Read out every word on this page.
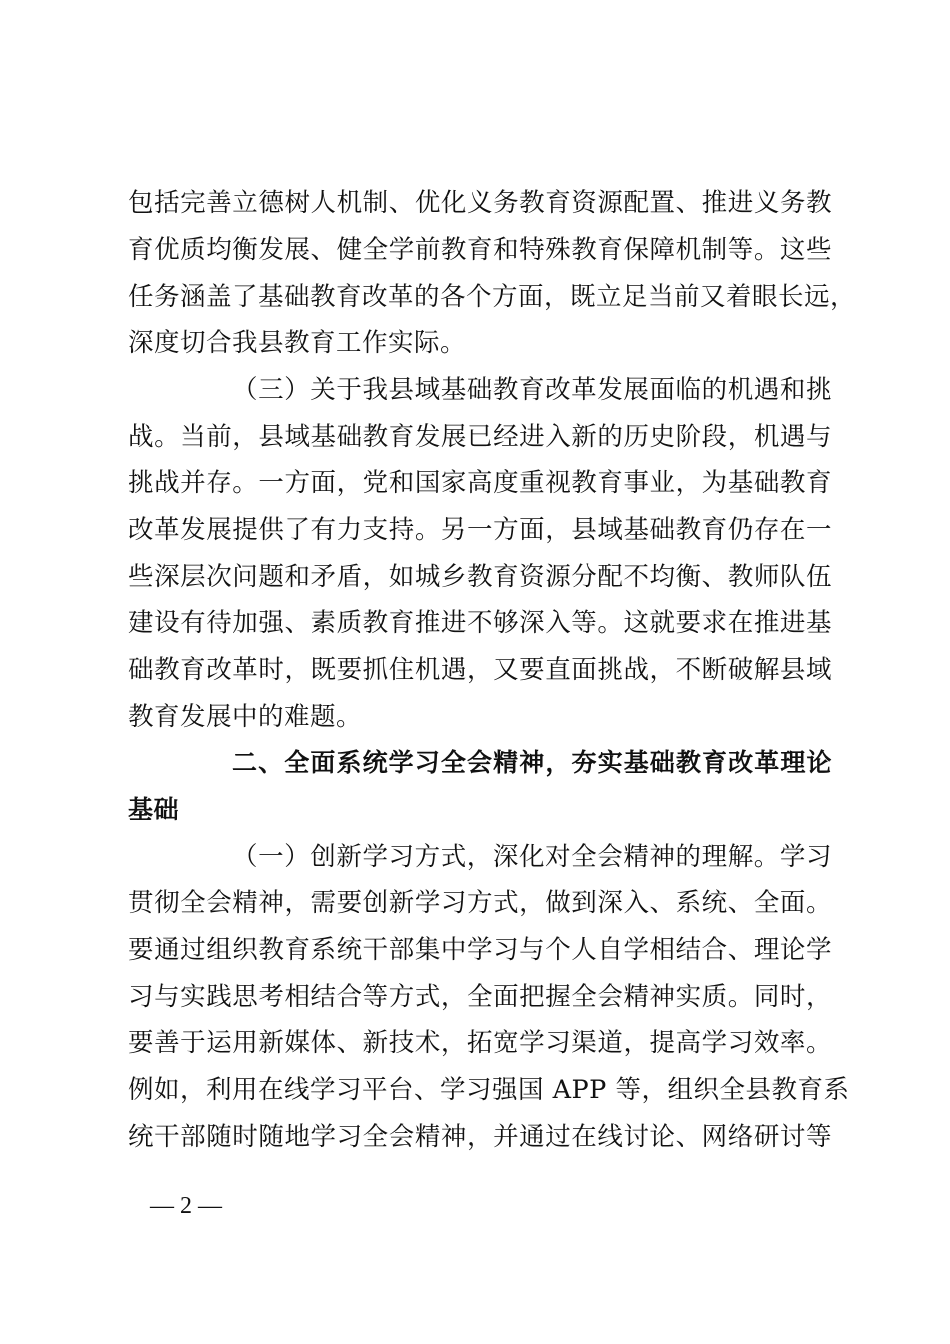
包括完善立德树人机制、优化义务教育资源配置、推进义务教
育优质均衡发展、健全学前教育和特殊教育保障机制等。这些
任务涵盖了基础教育改革的各个方面，既立足当前又着眼长远，
深度切合我县教育工作实际。
（三）关于我县域基础教育改革发展面临的机遇和挑
战。当前，县域基础教育发展已经进入新的历史阶段，机遇与
挑战并存。一方面，党和国家高度重视教育事业，为基础教育
改革发展提供了有力支持。另一方面，县域基础教育仍存在一
些深层次问题和矛盾，如城乡教育资源分配不均衡、教师队伍
建设有待加强、素质教育推进不够深入等。这就要求在推进基
础教育改革时，既要抓住机遇，又要直面挑战，不断破解县域
教育发展中的难题。
二、全面系统学习全会精神，夯实基础教育改革理论
基础
（一）创新学习方式，深化对全会精神的理解。学习
贯彻全会精神，需要创新学习方式，做到深入、系统、全面。
要通过组织教育系统干部集中学习与个人自学相结合、理论学
习与实践思考相结合等方式，全面把握全会精神实质。同时，
要善于运用新媒体、新技术，拓宽学习渠道，提高学习效率。
例如，利用在线学习平台、学习强国 APP 等，组织全县教育系
统干部随时随地学习全会精神，并通过在线讨论、网络研讨等
— 2 —
